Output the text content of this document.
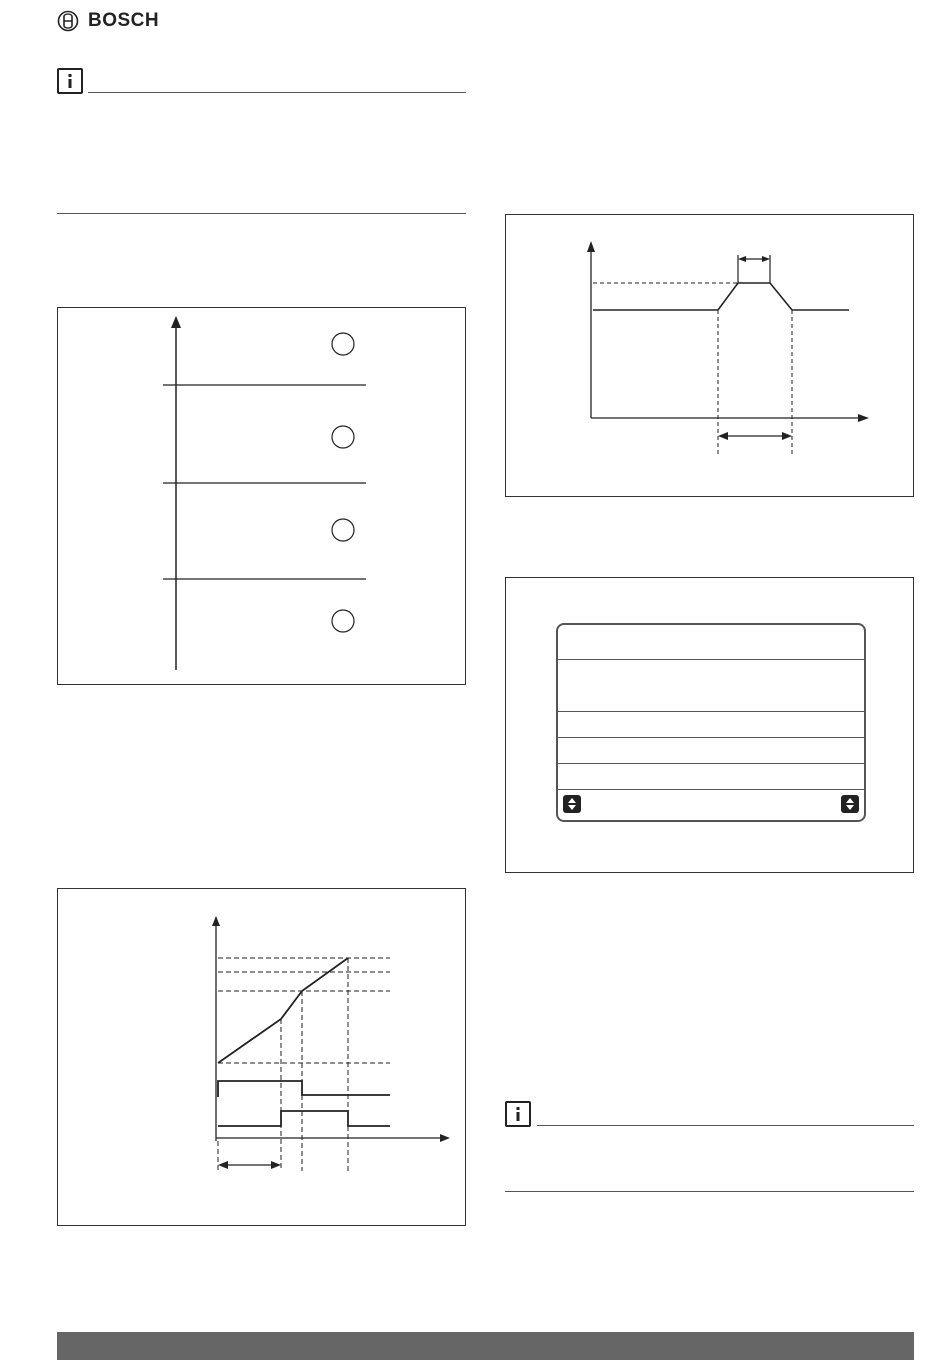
BOSCH
